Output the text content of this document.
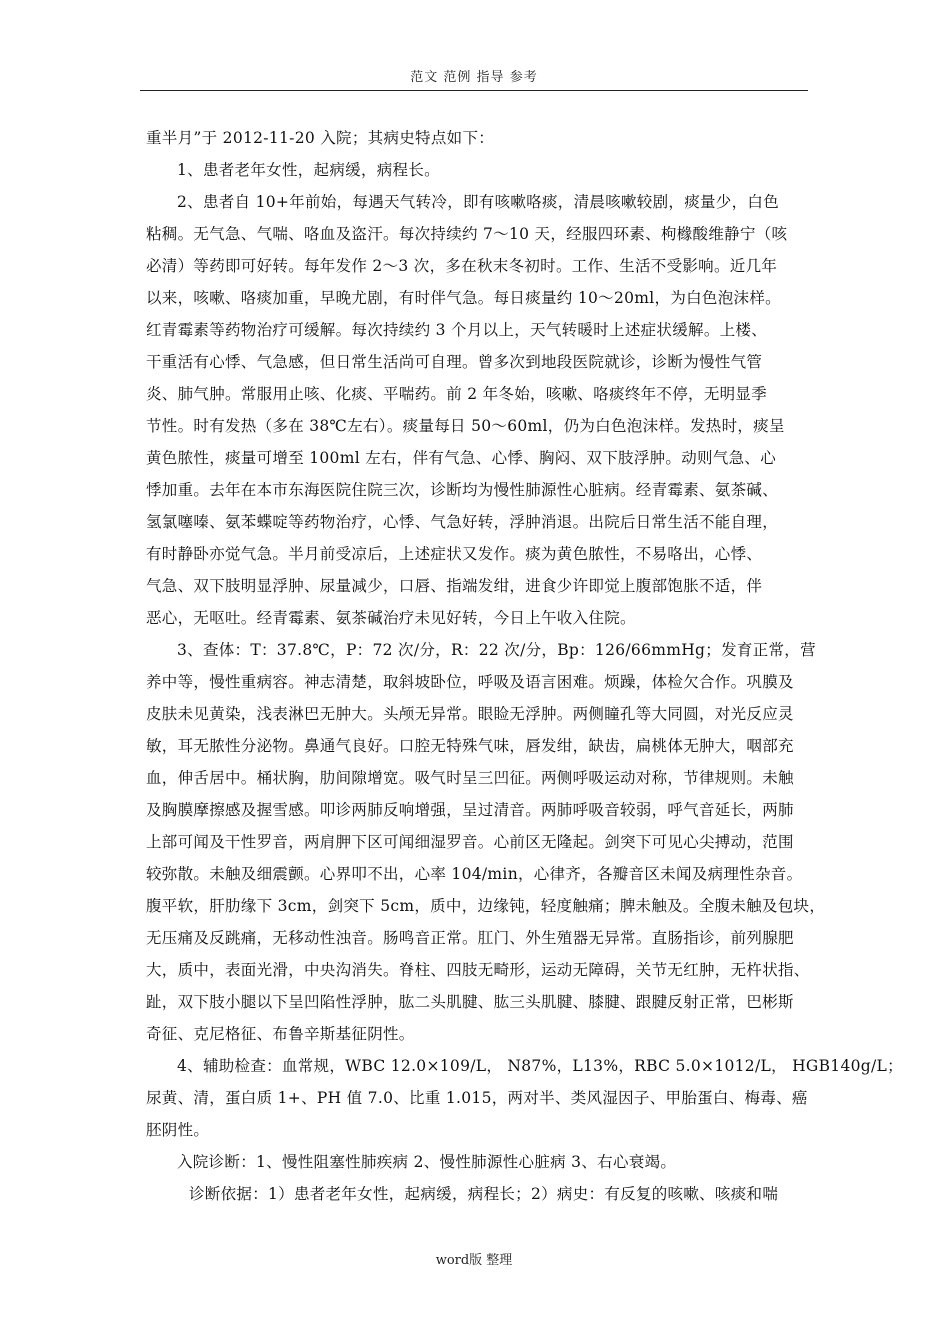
范文 范例 指导 参考
重半月”于 2012-11-20 入院；其病史特点如下：
1、患者老年女性，起病缓，病程长。
2、患者自 10+年前始，每遇天气转冷，即有咳嗽咯痰，清晨咳嗽较剧，痰量少，白色
粘稠。无气急、气喘、咯血及盗汗。每次持续约 7～10 天，经服四环素、枸橼酸维静宁（咳
必清）等药即可好转。每年发作 2～3 次，多在秋末冬初时。工作、生活不受影响。近几年
以来，咳嗽、咯痰加重，早晚尤剧，有时伴气急。每日痰量约 10～20ml，为白色泡沫样。
红青霉素等药物治疗可缓解。每次持续约 3 个月以上，天气转暖时上述症状缓解。上楼、
干重活有心悸、气急感，但日常生活尚可自理。曾多次到地段医院就诊，诊断为慢性气管
炎、肺气肿。常服用止咳、化痰、平喘药。前 2 年冬始，咳嗽、咯痰终年不停，无明显季
节性。时有发热（多在 38℃左右）。痰量每日 50～60ml，仍为白色泡沫样。发热时，痰呈
黄色脓性，痰量可增至 100ml 左右，伴有气急、心悸、胸闷、双下肢浮肿。动则气急、心
悸加重。去年在本市东海医院住院三次，诊断均为慢性肺源性心脏病。经青霉素、氨茶碱、
氢氯噻嗪、氨苯蝶啶等药物治疗，心悸、气急好转，浮肿消退。出院后日常生活不能自理，
有时静卧亦觉气急。半月前受凉后，上述症状又发作。痰为黄色脓性，不易咯出，心悸、
气急、双下肢明显浮肿、尿量减少，口唇、指端发绀，进食少许即觉上腹部饱胀不适，伴
恶心，无呕吐。经青霉素、氨茶碱治疗未见好转，今日上午收入住院。
3、查体：T：37.8℃，P：72 次/分，R：22 次/分，Bp：126/66mmHg；发育正常，营
养中等，慢性重病容。神志清楚，取斜坡卧位，呼吸及语言困难。烦躁，体检欠合作。巩膜及
皮肤未见黄染，浅表淋巴无肿大。头颅无异常。眼睑无浮肿。两侧瞳孔等大同圆，对光反应灵
敏，耳无脓性分泌物。鼻通气良好。口腔无特殊气味，唇发绀，缺齿，扁桃体无肿大，咽部充
血，伸舌居中。桶状胸，肋间隙增宽。吸气时呈三凹征。两侧呼吸运动对称，节律规则。未触
及胸膜摩擦感及握雪感。叩诊两肺反响增强，呈过清音。两肺呼吸音较弱，呼气音延长，两肺
上部可闻及干性罗音，两肩胛下区可闻细湿罗音。心前区无隆起。剑突下可见心尖搏动，范围
较弥散。未触及细震颤。心界叩不出，心率 104/min，心律齐，各瓣音区未闻及病理性杂音。
腹平软，肝肋缘下 3cm，剑突下 5cm，质中，边缘钝，轻度触痛；脾未触及。全腹未触及包块，
无压痛及反跳痛，无移动性浊音。肠鸣音正常。肛门、外生殖器无异常。直肠指诊，前列腺肥
大，质中，表面光滑，中央沟消失。脊柱、四肢无畸形，运动无障碍，关节无红肿，无杵状指、
趾，双下肢小腿以下呈凹陷性浮肿，肱二头肌腱、肱三头肌腱、膝腱、跟腱反射正常，巴彬斯
奇征、克尼格征、布鲁辛斯基征阴性。
4、辅助检查：血常规，WBC 12.0×109/L， N87%，L13%，RBC 5.0×1012/L， HGB140g/L；
尿黄、清，蛋白质 1+、PH 值 7.0、比重 1.015，两对半、类风湿因子、甲胎蛋白、梅毒、癌
胚阴性。
入院诊断：1、慢性阻塞性肺疾病 2、慢性肺源性心脏病 3、右心衰竭。
诊断依据：1）患者老年女性，起病缓，病程长；2）病史：有反复的咳嗽、咳痰和喘
word版 整理
